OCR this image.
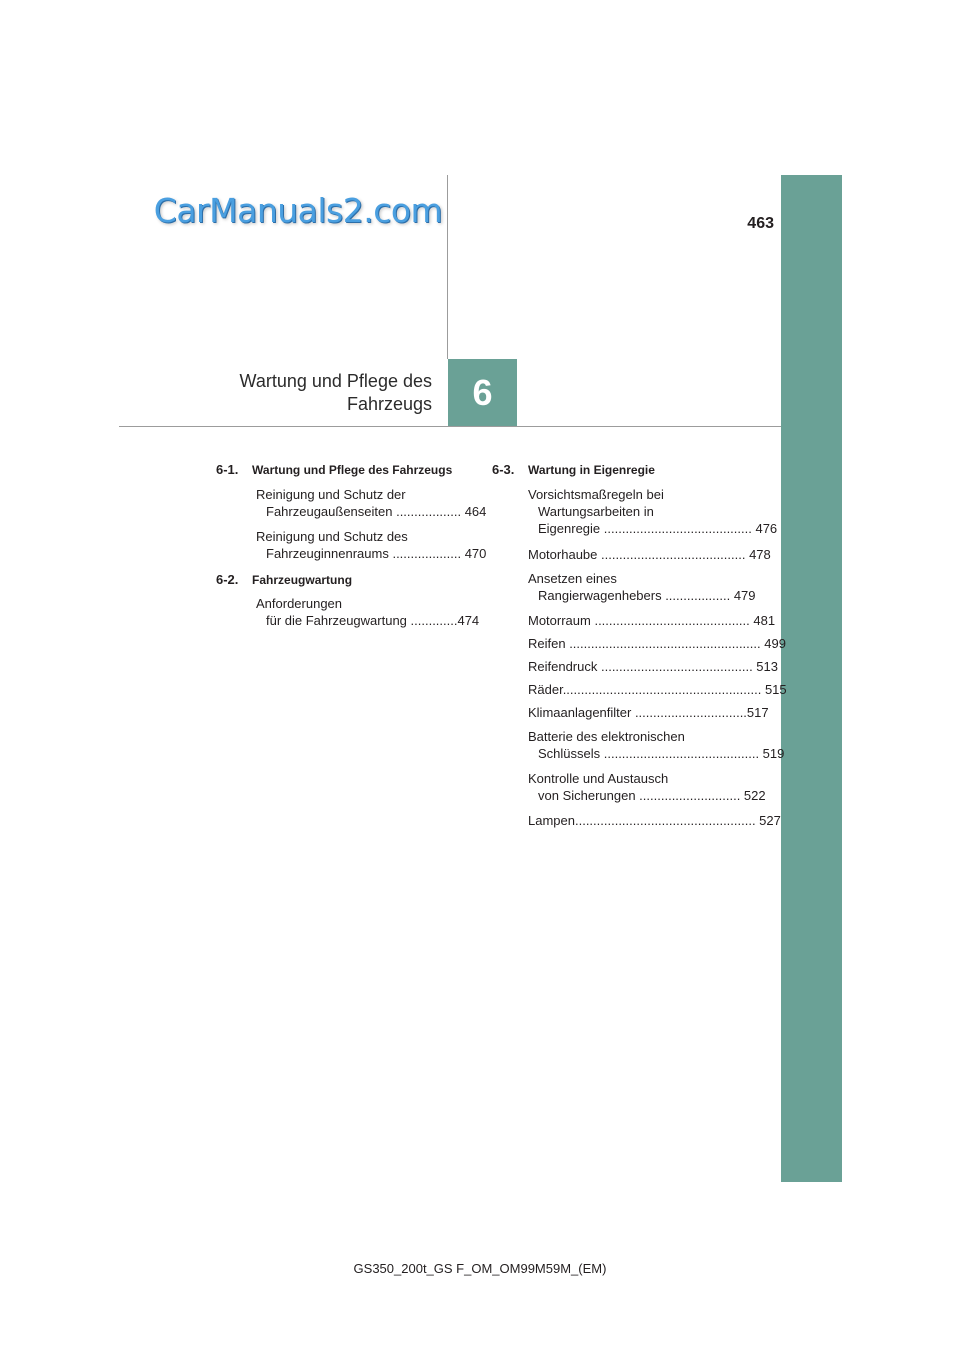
CarManuals2.com	463
Wartung und Pflege des
Fahrzeugs 6
6-1. Wartung und Pflege des Fahrzeugs
Reinigung und Schutz der
Fahrzeugaußenseiten .................. 464
Reinigung und Schutz des
Fahrzeuginnenraums ................... 470
6-2. Fahrzeugwartung
Anforderungen
für die Fahrzeugwartung .............474
6-3. Wartung in Eigenregie
Vorsichtsmaßregeln bei
Wartungsarbeiten in
Eigenregie ......................................... 476
Motorhaube ........................................ 478
Ansetzen eines
Rangierwagenhebers .................. 479
Motorraum ........................................... 481
Reifen ..................................................... 499
Reifendruck .......................................... 513
Räder....................................................... 515
Klimaanlagenfilter ...............................517
Batterie des elektronischen
Schlüssels ........................................... 519
Kontrolle und Austausch
von Sicherungen ............................ 522
Lampen.................................................. 527
GS350_200t_GS F_OM_OM99M59M_(EM)
